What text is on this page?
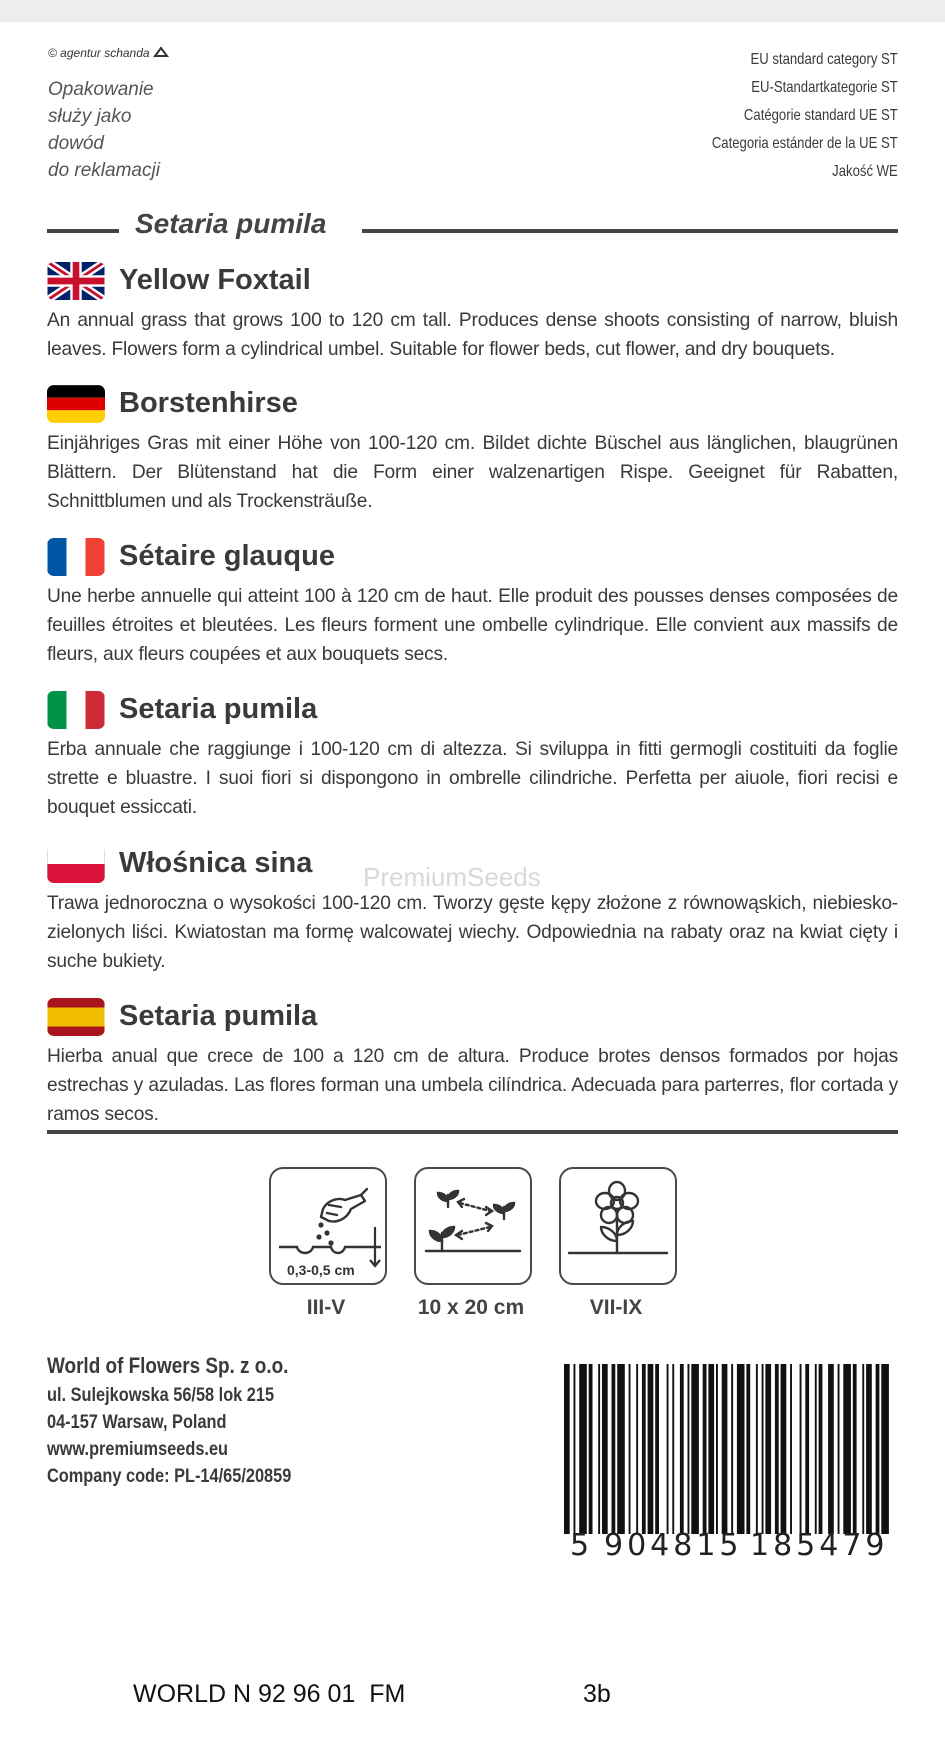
© agentur schanda
Opakowanie
służy jako
dowód
do reklamacji
EU standard category ST
EU-Standartkategorie ST
Catégorie standard UE ST
Categoria estánder de la UE ST
Jakość WE
Setaria pumila
Yellow Foxtail

An annual grass that grows 100 to 120 cm tall. Produces dense shoots consisting of narrow, bluish leaves. Flowers form a cylindrical umbel. Suitable for flower beds, cut flower, and dry bouquets.

Borstenhirse

Einjähriges Gras mit einer Höhe von 100-120 cm. Bildet dichte Büschel aus länglichen, blaugrünen Blättern. Der Blütenstand hat die Form einer walzenartigen Rispe. Geeignet für Rabatten, Schnittblumen und als Trockensträuße.

Sétaire glauque

Une herbe annuelle qui atteint 100 à 120 cm de haut. Elle produit des pousses denses composées de feuilles étroites et bleutées. Les fleurs forment une ombelle cylindrique. Elle convient aux massifs de fleurs, aux fleurs coupées et aux bouquets secs.

Setaria pumila

Erba annuale che raggiunge i 100-120 cm di altezza. Si sviluppa in fitti germogli costituiti da foglie strette e bluastre. I suoi fiori si dispongono in ombrelle cilindriche. Perfetta per aiuole, fiori recisi e bouquet essiccati.

Włośnica sina

Trawa jednoroczna o wysokości 100-120 cm. Tworzy gęste kępy złożone z równowąskich, niebiesko-zielonych liści. Kwiatostan ma formę walcowatej wiechy. Odpowiednia na rabaty oraz na kwiat cięty i suche bukiety.

Setaria pumila

Hierba anual que crece de 100 a 120 cm de altura. Produce brotes densos formados por hojas estrechas y azuladas. Las flores forman una umbela cilíndrica. Adecuada para parterres, flor cortada y ramos secos.

PremiumSeeds
0,3-0,5 cm
III-V	10 x 20 cm	VII-IX
World of Flowers Sp. z o.o.
ul. Sulejkowska 56/58 lok 215
04-157 Warsaw, Poland
www.premiumseeds.eu
Company code: PL-14/65/20859
5 904815 185479
WORLD N 92 96 01  FM	3b
